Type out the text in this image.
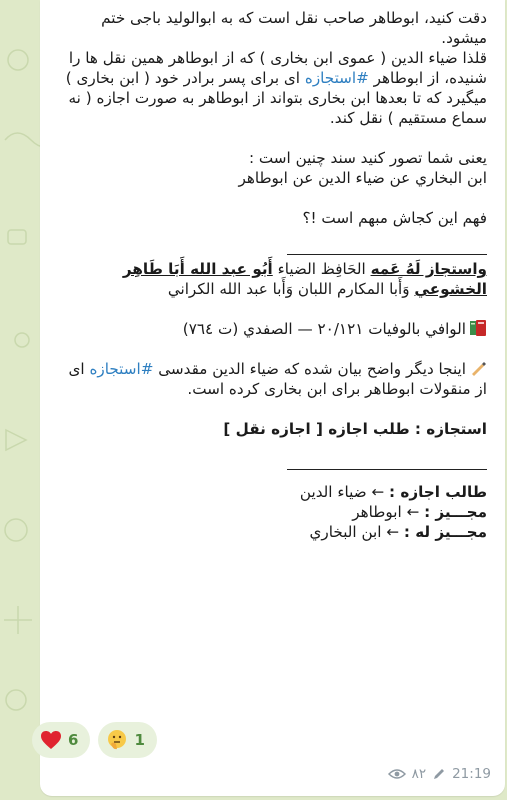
دقت کنید، ابوطاهر صاحب نقل است که به ابوالولید باجی ختم میشود.

قلذا ضیاء الدین ( عموی ابن بخاری ) که از ابوطاهر همین نقل ها را شنیده، از ابوطاهر #استجازه ای برای پسر برادر خود ( ابن بخاری ) میگیرد که تا بعدها ابن بخاری بتواند از ابوطاهر به صورت اجازه ( نه سماع مستقیم ) نقل کند.

یعنی شما تصور کنید سند چنین است :

ابن البخاري عن ضياء الدين عن ابوطاهر

فهم این کجاش مبهم است !؟

واستجاز لَهُ عَمه الحَافِظ الضياء أَبُو عبد الله أَبَا طَاهِر الخشوعي وَأَبا المكارم اللبان وَأَبا عبد الله الكراني

الوافي بالوفيات ٢٠/١٢١ — الصفدي (ت ٧٦٤)

اینجا دیگر واضح بیان شده که ضیاء الدین مقدسی #استجازه ای از منقولات ابوطاهر برای ابن بخاری کرده است.

استجازه : طلب اجازه [ اجازه نقل ]

طالب اجازه : ← ضیاء الدین

مجـــیز : ← ابوطاهر

مجـــیز له : ← ابن البخاري

6	1
۸۲ 21:19
